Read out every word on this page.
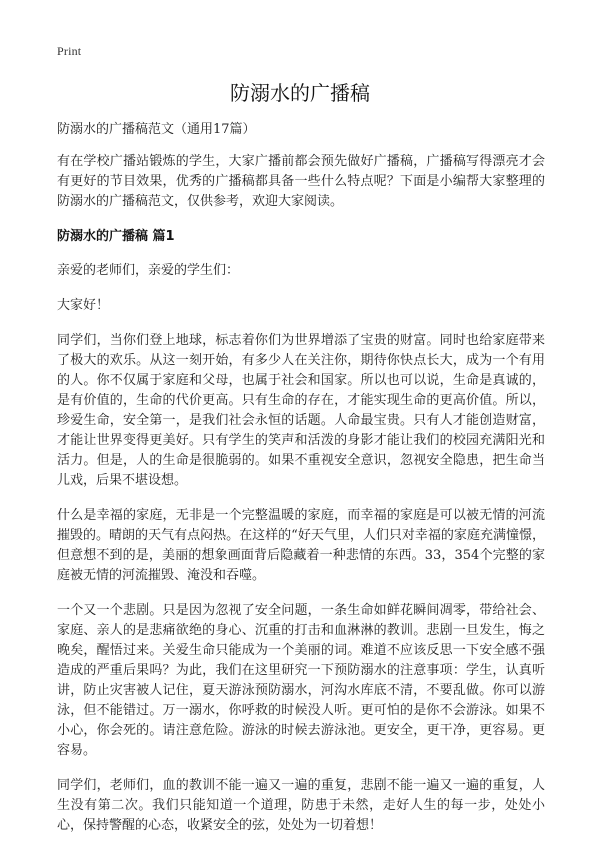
Print
防溺水的广播稿

防溺水的广播稿范文（通用17篇）

有在学校广播站锻炼的学生，大家广播前都会预先做好广播稿，广播稿写得漂亮才会有更好的节目效果，优秀的广播稿都具备一些什么特点呢？下面是小编帮大家整理的防溺水的广播稿范文，仅供参考，欢迎大家阅读。

防溺水的广播稿 篇1

亲爱的老师们，亲爱的学生们：

大家好！

同学们，当你们登上地球，标志着你们为世界增添了宝贵的财富。同时也给家庭带来了极大的欢乐。从这一刻开始，有多少人在关注你，期待你快点长大，成为一个有用的人。你不仅属于家庭和父母，也属于社会和国家。所以也可以说，生命是真诚的，是有价值的，生命的代价更高。只有生命的存在，才能实现生命的更高价值。所以，珍爱生命，安全第一，是我们社会永恒的话题。人命最宝贵。只有人才能创造财富，才能让世界变得更美好。只有学生的笑声和活泼的身影才能让我们的校园充满阳光和活力。但是，人的生命是很脆弱的。如果不重视安全意识，忽视安全隐患，把生命当儿戏，后果不堪设想。

什么是幸福的家庭，无非是一个完整温暖的家庭，而幸福的家庭是可以被无情的河流摧毁的。晴朗的天气有点闷热。在这样的“好天气里，人们只对幸福的家庭充满憧憬，但意想不到的是，美丽的想象画面背后隐藏着一种悲情的东西。33，354个完整的家庭被无情的河流摧毁、淹没和吞噬。

一个又一个悲剧。只是因为忽视了安全问题，一条生命如鲜花瞬间凋零，带给社会、家庭、亲人的是悲痛欲绝的身心、沉重的打击和血淋淋的教训。悲剧一旦发生，悔之晚矣，醒悟过来。关爱生命只能成为一个美丽的词。难道不应该反思一下安全感不强造成的严重后果吗？为此，我们在这里研究一下预防溺水的注意事项：学生，认真听讲，防止灾害被人记住，夏天游泳预防溺水，河沟水库底不清，不要乱做。你可以游泳，但不能错过。万一溺水，你呼救的时候没人听。更可怕的是你不会游泳。如果不小心，你会死的。请注意危险。游泳的时候去游泳池。更安全，更干净，更容易。更容易。

同学们，老师们，血的教训不能一遍又一遍的重复，悲剧不能一遍又一遍的重复，人生没有第二次。我们只能知道一个道理，防患于未然，走好人生的每一步，处处小心，保持警醒的心态，收紧安全的弦，处处为一切着想！
